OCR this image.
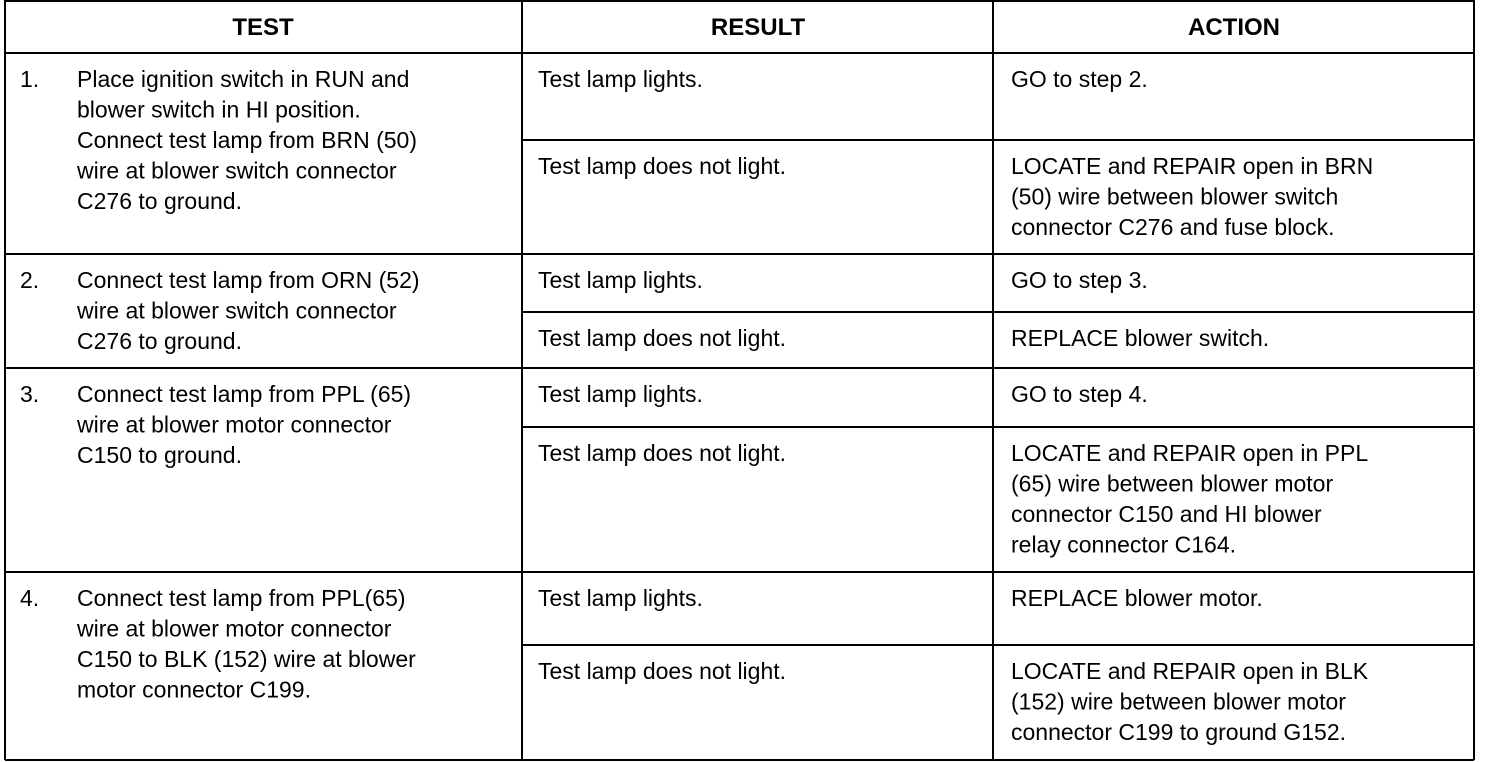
TEST	RESULT	ACTION
1. Place ignition switch in RUN and blower switch in HI position. Connect test lamp from BRN (50) wire at blower switch connector C276 to ground.
Test lamp lights.	GO to step 2.
Test lamp does not light.	LOCATE and REPAIR open in BRN (50) wire between blower switch connector C276 and fuse block.
2. Connect test lamp from ORN (52) wire at blower switch connector C276 to ground.
Test lamp lights.	GO to step 3.
Test lamp does not light.	REPLACE blower switch.
3. Connect test lamp from PPL (65) wire at blower motor connector C150 to ground.
Test lamp lights.	GO to step 4.
Test lamp does not light.	LOCATE and REPAIR open in PPL (65) wire between blower motor connector C150 and HI blower relay connector C164.
4. Connect test lamp from PPL(65) wire at blower motor connector C150 to BLK (152) wire at blower motor connector C199.
Test lamp lights.	REPLACE blower motor.
Test lamp does not light.	LOCATE and REPAIR open in BLK (152) wire between blower motor connector C199 to ground G152.
